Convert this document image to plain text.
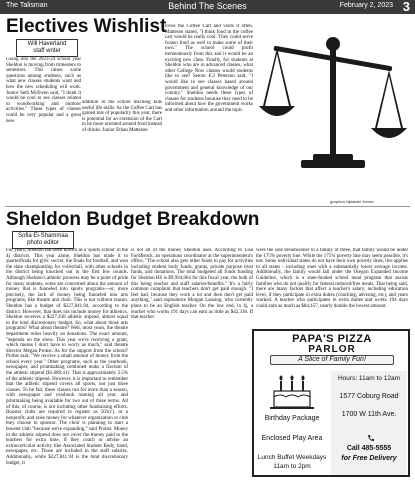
The Talisman	Behind The Scenes	February 2, 2023 3
Electives Wishlist
Will Haverland
staff writer
Going into the 2023-24 school year Sheldon is moving from trimesters to semesters. This raises some questions among students, such as what new classes students want and how the new scheduling will work. Junior Seth McEwen said, "I think it would be cool to see classes related to woodworking and outdoor activities." These types of classes could be very popular and a great new
addition to the school teaching kids useful life skills. As the Coffee Cart has gained lots of popularity this year, there is potential for an extension of the Cart to be more oriented around food instead of drinks. Junior Ethan Matteson
loves the Coffee Cart and visits it often. Mattesen stated, "I think food in the coffee cart would be really cool. They could serve frozen food as well to make some of their own." The school could profit tremendously from this and it would be an exciting new class. Finally, for students at Sheldon who are in advanced classes, what other College Now classes would students like to see? Senior E.J Peterson said, "I would like to see classes based around government and general knowledge of our country." Sheldon needs these types of classes for students because they need to be informed about how the government works and other information around the topic.
graphics by
Natalie Keiser
Sheldon Budget Breakdown
Sofia El-Shammaa
photo editor
For years, Sheldon has been known as a 'sports school' in the 4j districts. This year alone, Sheldon has made it to quarterfinals for girls' soccer, the finals for football, and won the state championship for volleyball, with other schools in the district being knocked out in the first few rounds. Although Sheldon's athletic prowess may be a point of pride for many students, some are concerned about the amount of money that is funneled into sports programs—or, more precisely, the lack of money being funneled into arts programs, like theatre and choir. This is not without reason. Sheldon has a budget of $227,841.94, according to the district. However, that does not include money for athletics. Sheldon receives a $227,438 athletic stipend, almost equal to the total discretionary budget. So, what about those arts programs? What about theatre? Well, most years, the theatre department relies heavily on donations. The exact amount, "depends on the show. This year we're receiving a grant, which means I don't have to worry as much," said theatre director Megan Probst. As for the support from the school? Probst said, "We receive a small amount of money from the school every year." Other programs, such as the yearbook, newspaper, and printmaking combined make a fraction of the athletic stipend ($3,689.41). That is approximately 2.5% of the athletic stipend. However, it is important to remember that the athletic stipend covers all sports, not just three classes. To be fair, these classes run for more than a season, with newspaper and yearbook running all year, and printmaking being available for two out of three terms. All of this, of course, is not including other fundraising efforts. Booster clubs are required to register as 501(c), or a nonprofit, and raise money for whatever organization or club they choose to sponsor. The choir is planning to start a booster club "because we're expanding," said Probst. Money in the athletic stipend does not cover the money paid to the teachers for extra time, if they coach or advise an extracurricular activity like Associated Student Body, band, newspaper, etc. Those are included in the staff salaries. Additionally, while $227,841.94 is the total discretionary budget, it
is not all of the money Sheldon uses. According to Lisa FordBrock, an operations coordinator at the superintendent's office, "The school also gets other funds to pay for activities including student body funds, grants, private purpose trust funds, and donations. The total budgeted all funds funding for Sheldon HS is $9,994,864 for this fiscal year, the bulk of this being teacher and staff salaries/benefits." It's a fairly common complaint that teachers don't get paid enough. "I feel bad, because they work a lot and then don't get paid anything," said sophomore Morgan Lansing, who currently plans to be an English teacher. On the low end, in 4j, a teacher who works 191 days can earn as little as $42,336. If that teacher
were the sole breadwinner in a family of three, that family would be under the 175% poverty line. While the 175% poverty line may seem possible, it's not. Some individual states do not have their own poverty lines, this applies to all states - including ones with a substantially lower average income. Additionally, the family would fall under the Oregon Expanded Income Guideline, which is a state-funded school meal program that assists families who do not qualify for federal reduced/free meals. That being said, there are many factors that affect a teacher's salary, including education level, if they participate in extra duties (coaching, advising, etc), and years worked. A teacher who participates in extra duties and works 194 days could earn as much as $84,457, nearly double the lowest amount.
PAPA'S PIZZA
PARLOR
A Slice of Family Fun!
Birthday Package
Enclosed Play Area
Lunch Buffet Weekdays
11am to 2pm
Hours: 11am to 12am
1577 Coburg Road
1700 W 11th Ave.
Call 485-5555
for Free Delivery
